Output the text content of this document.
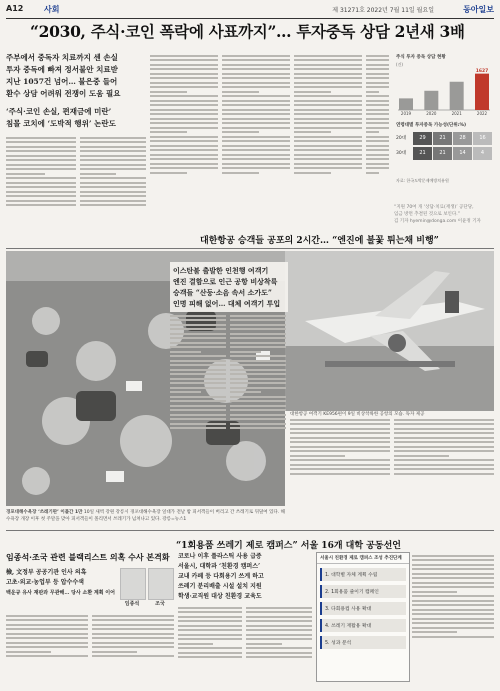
A12	사회	제 31271호 2022년 7월 11일 월요일	동아일보
“2030, 주식·코인 폭락에 사표까지”… 투자중독 상담 2년새 3배
주부에서 중독자 치료까지 센 손실
투자 중독에 빠져 정서불안 치료받
지난 1057건 넘어… 불은중 들어
환수 상담 어려워 전쟁이 도움 필요
‘주식·코인 손실, 편재금에 미란’
침몰 코치에 ‘도박적 행위’ 논란도
주식 투자 중독 상담 현황
(건)
2019	2020	2021	2022
1627
연령대별 투자중독 가능성(단위:%)
20대	29	21	28	16
30대	21	21	14	4
자료: 한국도박문제예방치유원
“지원 70여 개 ‘상담·치료(재생)’ 공단당,
임금 방면 추결된 것으로 보인다.”
김 기자 hyemin@donga.com 이윤정 기자
대한항공 승객들 공포의 2시간… “엔진에 불꽃 튀는채 비행”
이스탄불 출발한 인천행 여객기
엔진 결함으로 인근 공항 비상착륙
승객들 “산둥·소음 속서 소가도”
인명 피해 없어… 대체 여객기 투입
대한항공 여객기 KE956편이 9일 비상착륙한 공항의 모습. 독자 제공
경포대해수욕장 ‘쓰레기판’ 이틀간 1만 10일 새벽 강원 강릉시 경포대해수욕장 일대가 전날 밤 피서객들이 버리고 간 쓰레기로 뒤덮여 있다. 해수욕장 개장 이후 첫 주말을 맞아 피서객들이 몰리면서 쓰레기가 넘쳐나고 있다. 강릉=뉴스1
“1회용품 쓰레기 제로 캠퍼스” 서울 16개 대학 공동선언
임종석·조국 관련 블랙리스트 의혹 수사 본격화
檢, 文정부 공공기관 인사 의혹
고초·외교·농업부 등 압수수색
백운규 유사 재판과 무관해… 당사 소환 계획 이어
임종석	조국
코로나 이후 플라스틱 사용 급증
서울시, 대학과 ‘친환경 캠퍼스’
교내 카페 등 다회용기 쓰게 하고
쓰레기 분리배출 시설 설치 지원
학생·교직원 대상 친환경 교육도
서울시 친환경 제로 캠퍼스 조성 추진단계
1. 대학별 자체 계획 수립
2. 1회용품 줄이기 캠페인
3. 다회용컵 사용 확대
4. 쓰레기 재활용 확대
5. 성과 분석
